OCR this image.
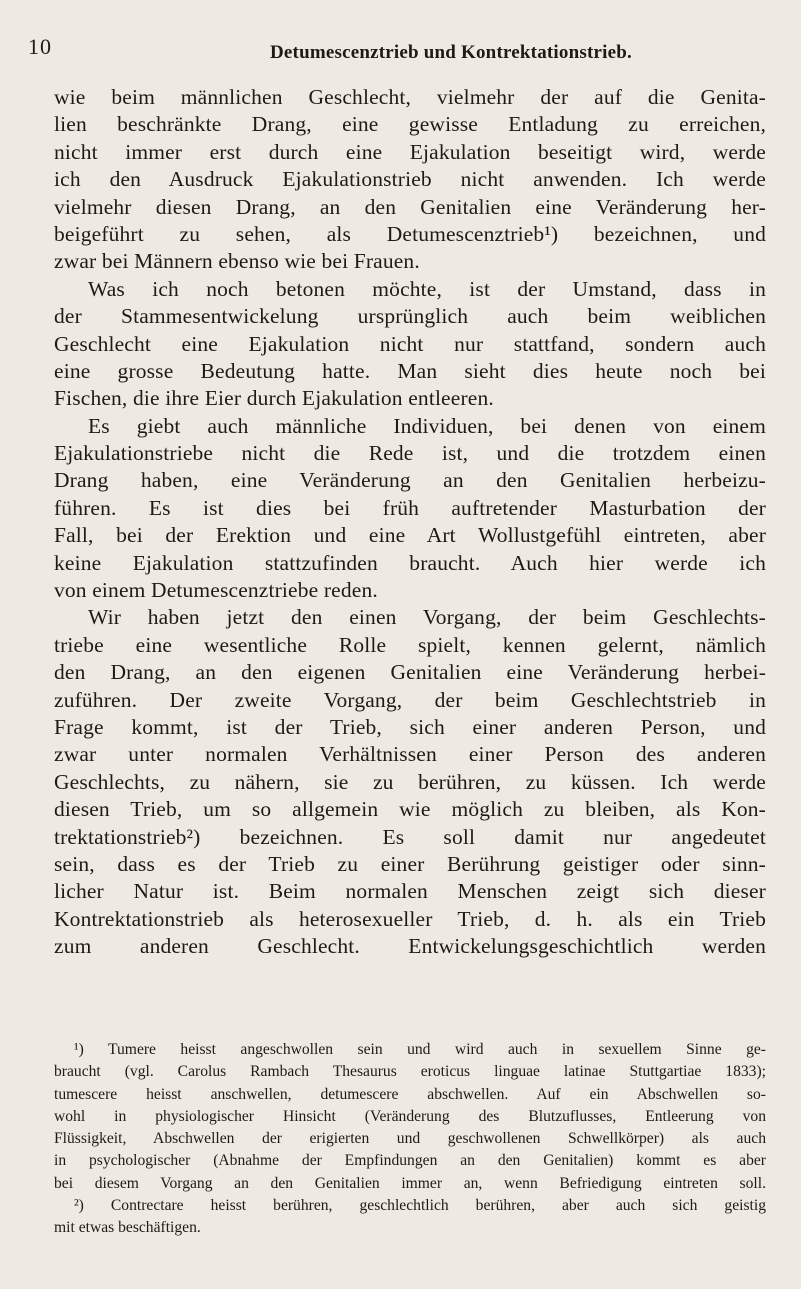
10	Detumescenztrieb und Kontrektationstrieb.
wie beim männlichen Geschlecht, vielmehr der auf die Genita-
lien beschränkte Drang, eine gewisse Entladung zu erreichen,
nicht immer erst durch eine Ejakulation beseitigt wird, werde
ich den Ausdruck Ejakulationstrieb nicht anwenden. Ich werde
vielmehr diesen Drang, an den Genitalien eine Veränderung her-
beigeführt zu sehen, als Detumescenztrieb¹) bezeichnen, und
zwar bei Männern ebenso wie bei Frauen.
Was ich noch betonen möchte, ist der Umstand, dass in
der Stammesentwickelung ursprünglich auch beim weiblichen
Geschlecht eine Ejakulation nicht nur stattfand, sondern auch
eine grosse Bedeutung hatte. Man sieht dies heute noch bei
Fischen, die ihre Eier durch Ejakulation entleeren.
Es giebt auch männliche Individuen, bei denen von einem
Ejakulationstriebe nicht die Rede ist, und die trotzdem einen
Drang haben, eine Veränderung an den Genitalien herbeizu-
führen. Es ist dies bei früh auftretender Masturbation der
Fall, bei der Erektion und eine Art Wollustgefühl eintreten, aber
keine Ejakulation stattzufinden braucht. Auch hier werde ich
von einem Detumescenztriebe reden.
Wir haben jetzt den einen Vorgang, der beim Geschlechts-
triebe eine wesentliche Rolle spielt, kennen gelernt, nämlich
den Drang, an den eigenen Genitalien eine Veränderung herbei-
zuführen. Der zweite Vorgang, der beim Geschlechtstrieb in
Frage kommt, ist der Trieb, sich einer anderen Person, und
zwar unter normalen Verhältnissen einer Person des anderen
Geschlechts, zu nähern, sie zu berühren, zu küssen. Ich werde
diesen Trieb, um so allgemein wie möglich zu bleiben, als Kon-
trektationstrieb²) bezeichnen. Es soll damit nur angedeutet
sein, dass es der Trieb zu einer Berührung geistiger oder sinn-
licher Natur ist. Beim normalen Menschen zeigt sich dieser
Kontrektationstrieb als heterosexueller Trieb, d. h. als ein Trieb
zum anderen Geschlecht. Entwickelungsgeschichtlich werden
¹) Tumere heisst angeschwollen sein und wird auch in sexuellem Sinne ge-
braucht (vgl. Carolus Rambach Thesaurus eroticus linguae latinae Stuttgartiae 1833);
tumescere heisst anschwellen, detumescere abschwellen. Auf ein Abschwellen so-
wohl in physiologischer Hinsicht (Veränderung des Blutzuflusses, Entleerung von
Flüssigkeit, Abschwellen der erigierten und geschwollenen Schwellkörper) als auch
in psychologischer (Abnahme der Empfindungen an den Genitalien) kommt es aber
bei diesem Vorgang an den Genitalien immer an, wenn Befriedigung eintreten soll.
²) Contrectare heisst berühren, geschlechtlich berühren, aber auch sich geistig
mit etwas beschäftigen.
